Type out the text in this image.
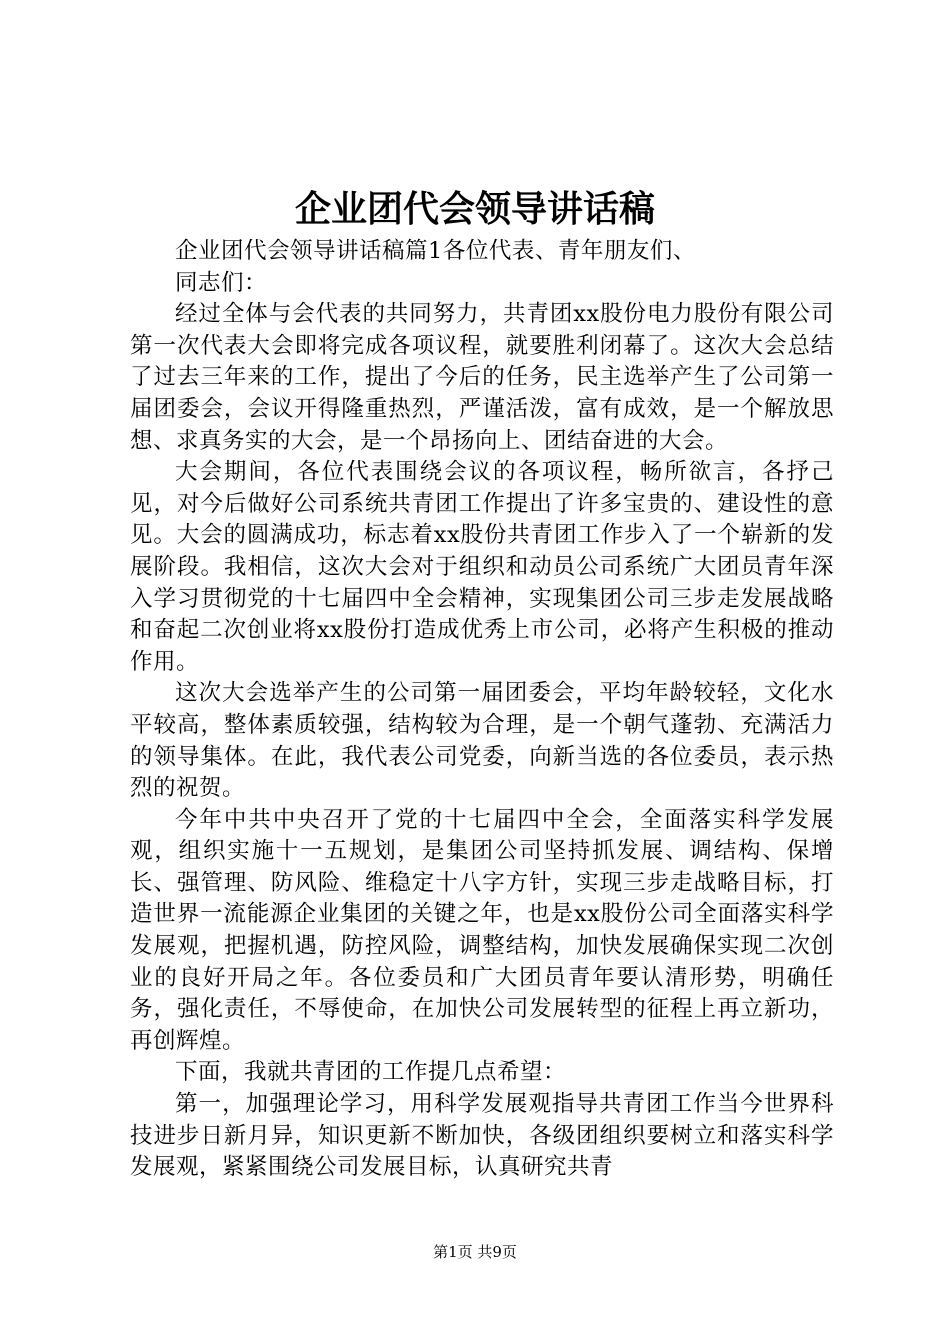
企业团代会领导讲话稿

企业团代会领导讲话稿篇1各位代表、青年朋友们、

同志们：

经过全体与会代表的共同努力，共青团xx股份电力股份有限公司第一次代表大会即将完成各项议程，就要胜利闭幕了。这次大会总结了过去三年来的工作，提出了今后的任务，民主选举产生了公司第一届团委会，会议开得隆重热烈，严谨活泼，富有成效，是一个解放思想、求真务实的大会，是一个昂扬向上、团结奋进的大会。

大会期间，各位代表围绕会议的各项议程，畅所欲言，各抒己见，对今后做好公司系统共青团工作提出了许多宝贵的、建设性的意见。大会的圆满成功，标志着xx股份共青团工作步入了一个崭新的发展阶段。我相信，这次大会对于组织和动员公司系统广大团员青年深入学习贯彻党的十七届四中全会精神，实现集团公司三步走发展战略和奋起二次创业将xx股份打造成优秀上市公司，必将产生积极的推动作用。

这次大会选举产生的公司第一届团委会，平均年龄较轻，文化水平较高，整体素质较强，结构较为合理，是一个朝气蓬勃、充满活力的领导集体。在此，我代表公司党委，向新当选的各位委员，表示热烈的祝贺。

今年中共中央召开了党的十七届四中全会，全面落实科学发展观，组织实施十一五规划，是集团公司坚持抓发展、调结构、保增长、强管理、防风险、维稳定十八字方针，实现三步走战略目标，打造世界一流能源企业集团的关键之年，也是xx股份公司全面落实科学发展观，把握机遇，防控风险，调整结构，加快发展确保实现二次创业的良好开局之年。各位委员和广大团员青年要认清形势，明确任务，强化责任，不辱使命，在加快公司发展转型的征程上再立新功，再创辉煌。

下面，我就共青团的工作提几点希望：

第一，加强理论学习，用科学发展观指导共青团工作当今世界科技进步日新月异，知识更新不断加快，各级团组织要树立和落实科学发展观，紧紧围绕公司发展目标，认真研究共青

第1页 共9页
